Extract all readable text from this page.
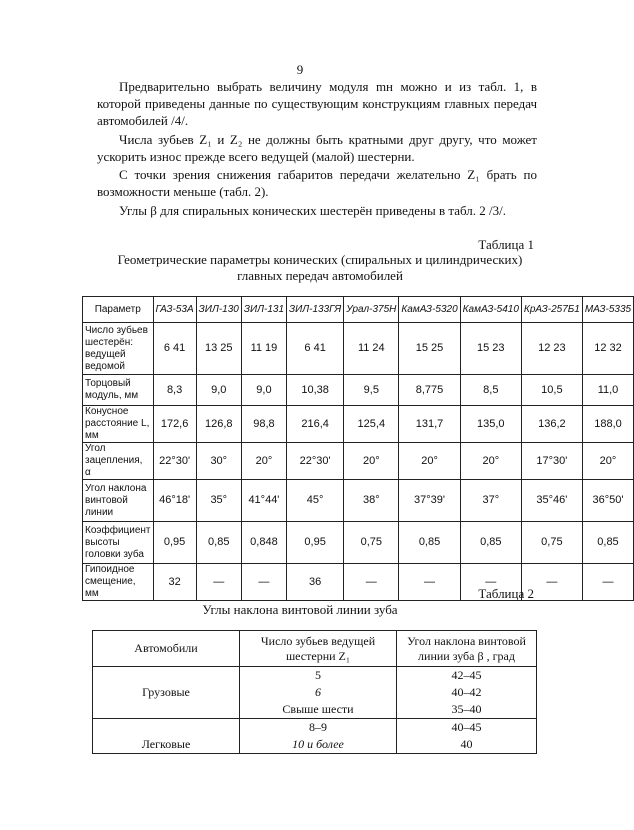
9

Предварительно выбрать величину модуля mн можно и из табл. 1, в которой приведены данные по существующим конструкциям главных передач автомобилей /4/.

Числа зубьев Z₁ и Z₂ не должны быть кратными друг другу, что может ускорить износ прежде всего ведущей (малой) шестерни.

С точки зрения снижения габаритов передачи желательно Z₁ брать по возможности меньше (табл. 2).

Углы β для спиральных конических шестерён приведены в табл. 2 /3/.

Таблица 1
Геометрические параметры конических (спиральных и цилиндрических) главных передач автомобилей
Параметр	ГАЗ-53А	ЗИЛ-130	ЗИЛ-131	ЗИЛ-133ГЯ	Урал-375Н	КамАЗ-5320	КамАЗ-5410	КрАЗ-257Б1	МАЗ-5335
Число зубьев шестерён: ведущей ведомой	6 41	13 25	11 19	6 41	11 24	15 25	15 23	12 23	12 32
Торцовый модуль, мм	8,3	9,0	9,0	10,38	9,5	8,775	8,5	10,5	11,0
Конусное расстояние L, мм	172,6	126,8	98,8	216,4	125,4	131,7	135,0	136,2	188,0
Угол зацепления, α	22°30'	30°	20°	22°30'	20°	20°	20°	17°30'	20°
Угол наклона винтовой линии	46°18'	35°	41°44'	45°	38°	37°39'	37°	35°46'	36°50'
Коэффициент высоты головки зуба	0,95	0,85	0,848	0,95	0,75	0,85	0,85	0,75	0,85
Гипоидное смещение, мм	32	—	—	36	—	—	—	—	—
Таблица 2
Углы наклона винтовой линии зуба
Автомобили	Число зубьев ведущей шестерни Z₁	Угол наклона винтовой линии зуба β , град
	5	42–45
Грузовые	6	40–42
	Свыше шести	35–40
	8–9	40–45
Легковые	10 и более	40
